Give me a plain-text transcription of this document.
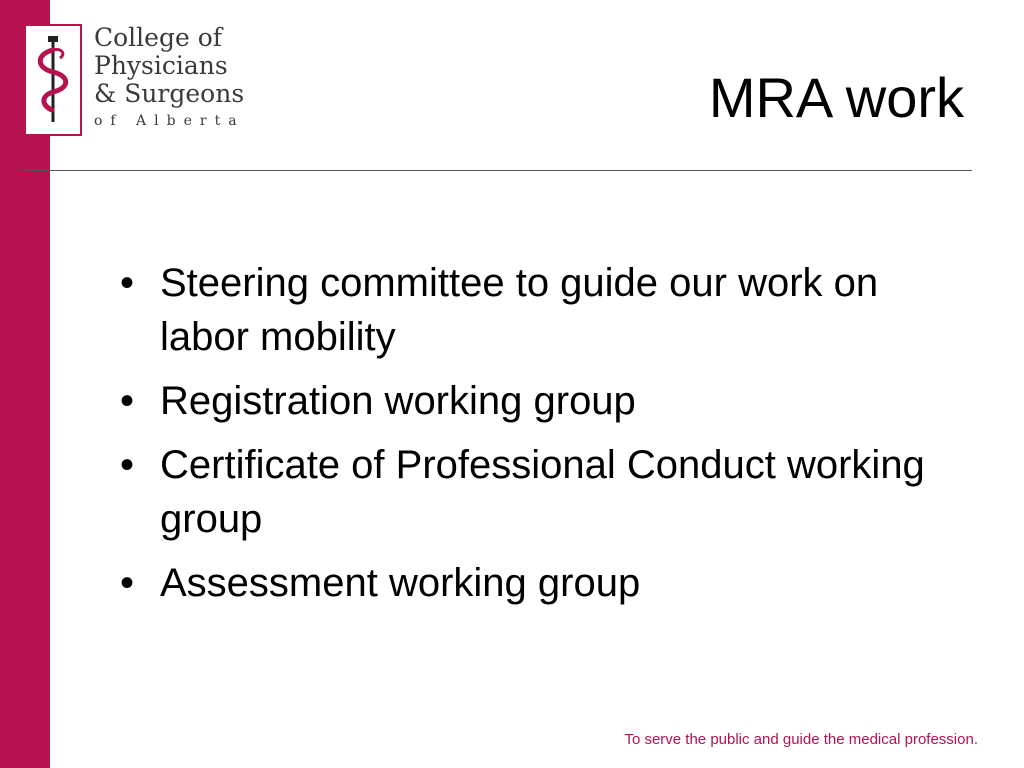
College of
Physicians
& Surgeons
of Alberta	MRA work
• Steering committee to guide our work on labor mobility
• Registration working group
• Certificate of Professional Conduct working group
• Assessment working group
To serve the public and guide the medical profession.
